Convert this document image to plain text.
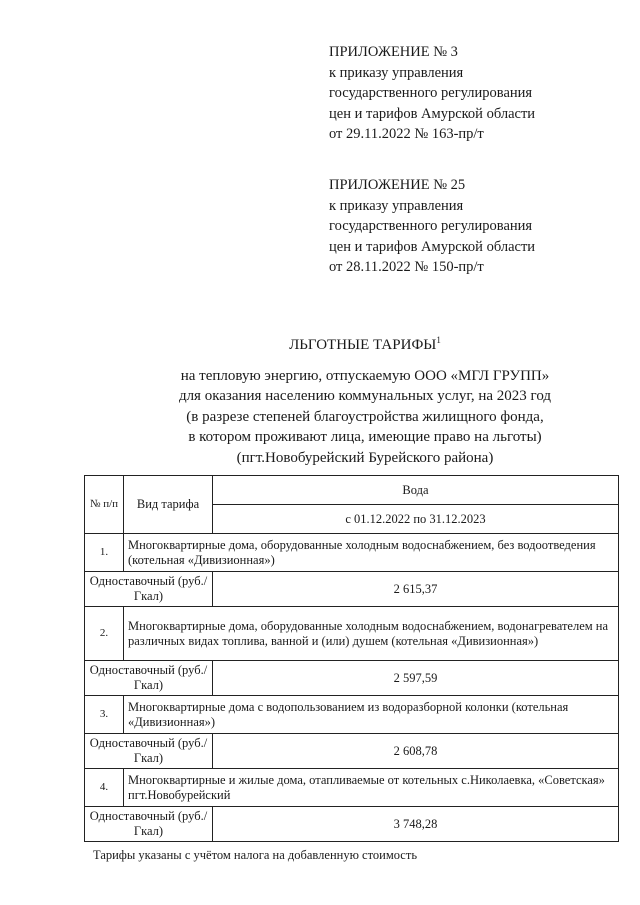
ПРИЛОЖЕНИЕ № 3
к приказу управления
государственного регулирования
цен и тарифов Амурской области
от 29.11.2022 № 163-пр/т
ПРИЛОЖЕНИЕ № 25
к приказу управления
государственного регулирования
цен и тарифов Амурской области
от 28.11.2022 № 150-пр/т
ЛЬГОТНЫЕ ТАРИФЫ$^1$
на тепловую энергию, отпускаемую ООО «МГЛ ГРУПП»
для оказания населению коммунальных услуг, на 2023 год
(в разрезе степеней благоустройства жилищного фонда,
в котором проживают лица, имеющие право на льготы)
(пгт.Новобурейский Бурейского района)
№ п/п	Вид тарифа	Вода
		с 01.12.2022 по 31.12.2023
1.	Многоквартирные дома, оборудованные холодным водоснабжением, без водоотведения (котельная «Дивизионная»)	
Одноставочный (руб./Гкал)		2 615,37
2.	Многоквартирные дома, оборудованные холодным водоснабжением, водонагревателем на различных видах топлива, ванной и (или) душем (котельная «Дивизионная»)	
Одноставочный (руб./Гкал)		2 597,59
3.	Многоквартирные дома с водопользованием из водоразборной колонки (котельная «Дивизионная»)	
Одноставочный (руб./Гкал)		2 608,78
4.	Многоквартирные и жилые дома, отапливаемые от котельных с.Николаевка, «Советская» пгт.Новобурейский	
Одноставочный (руб./Гкал)		3 748,28
Тарифы указаны с учётом налога на добавленную стоимость
